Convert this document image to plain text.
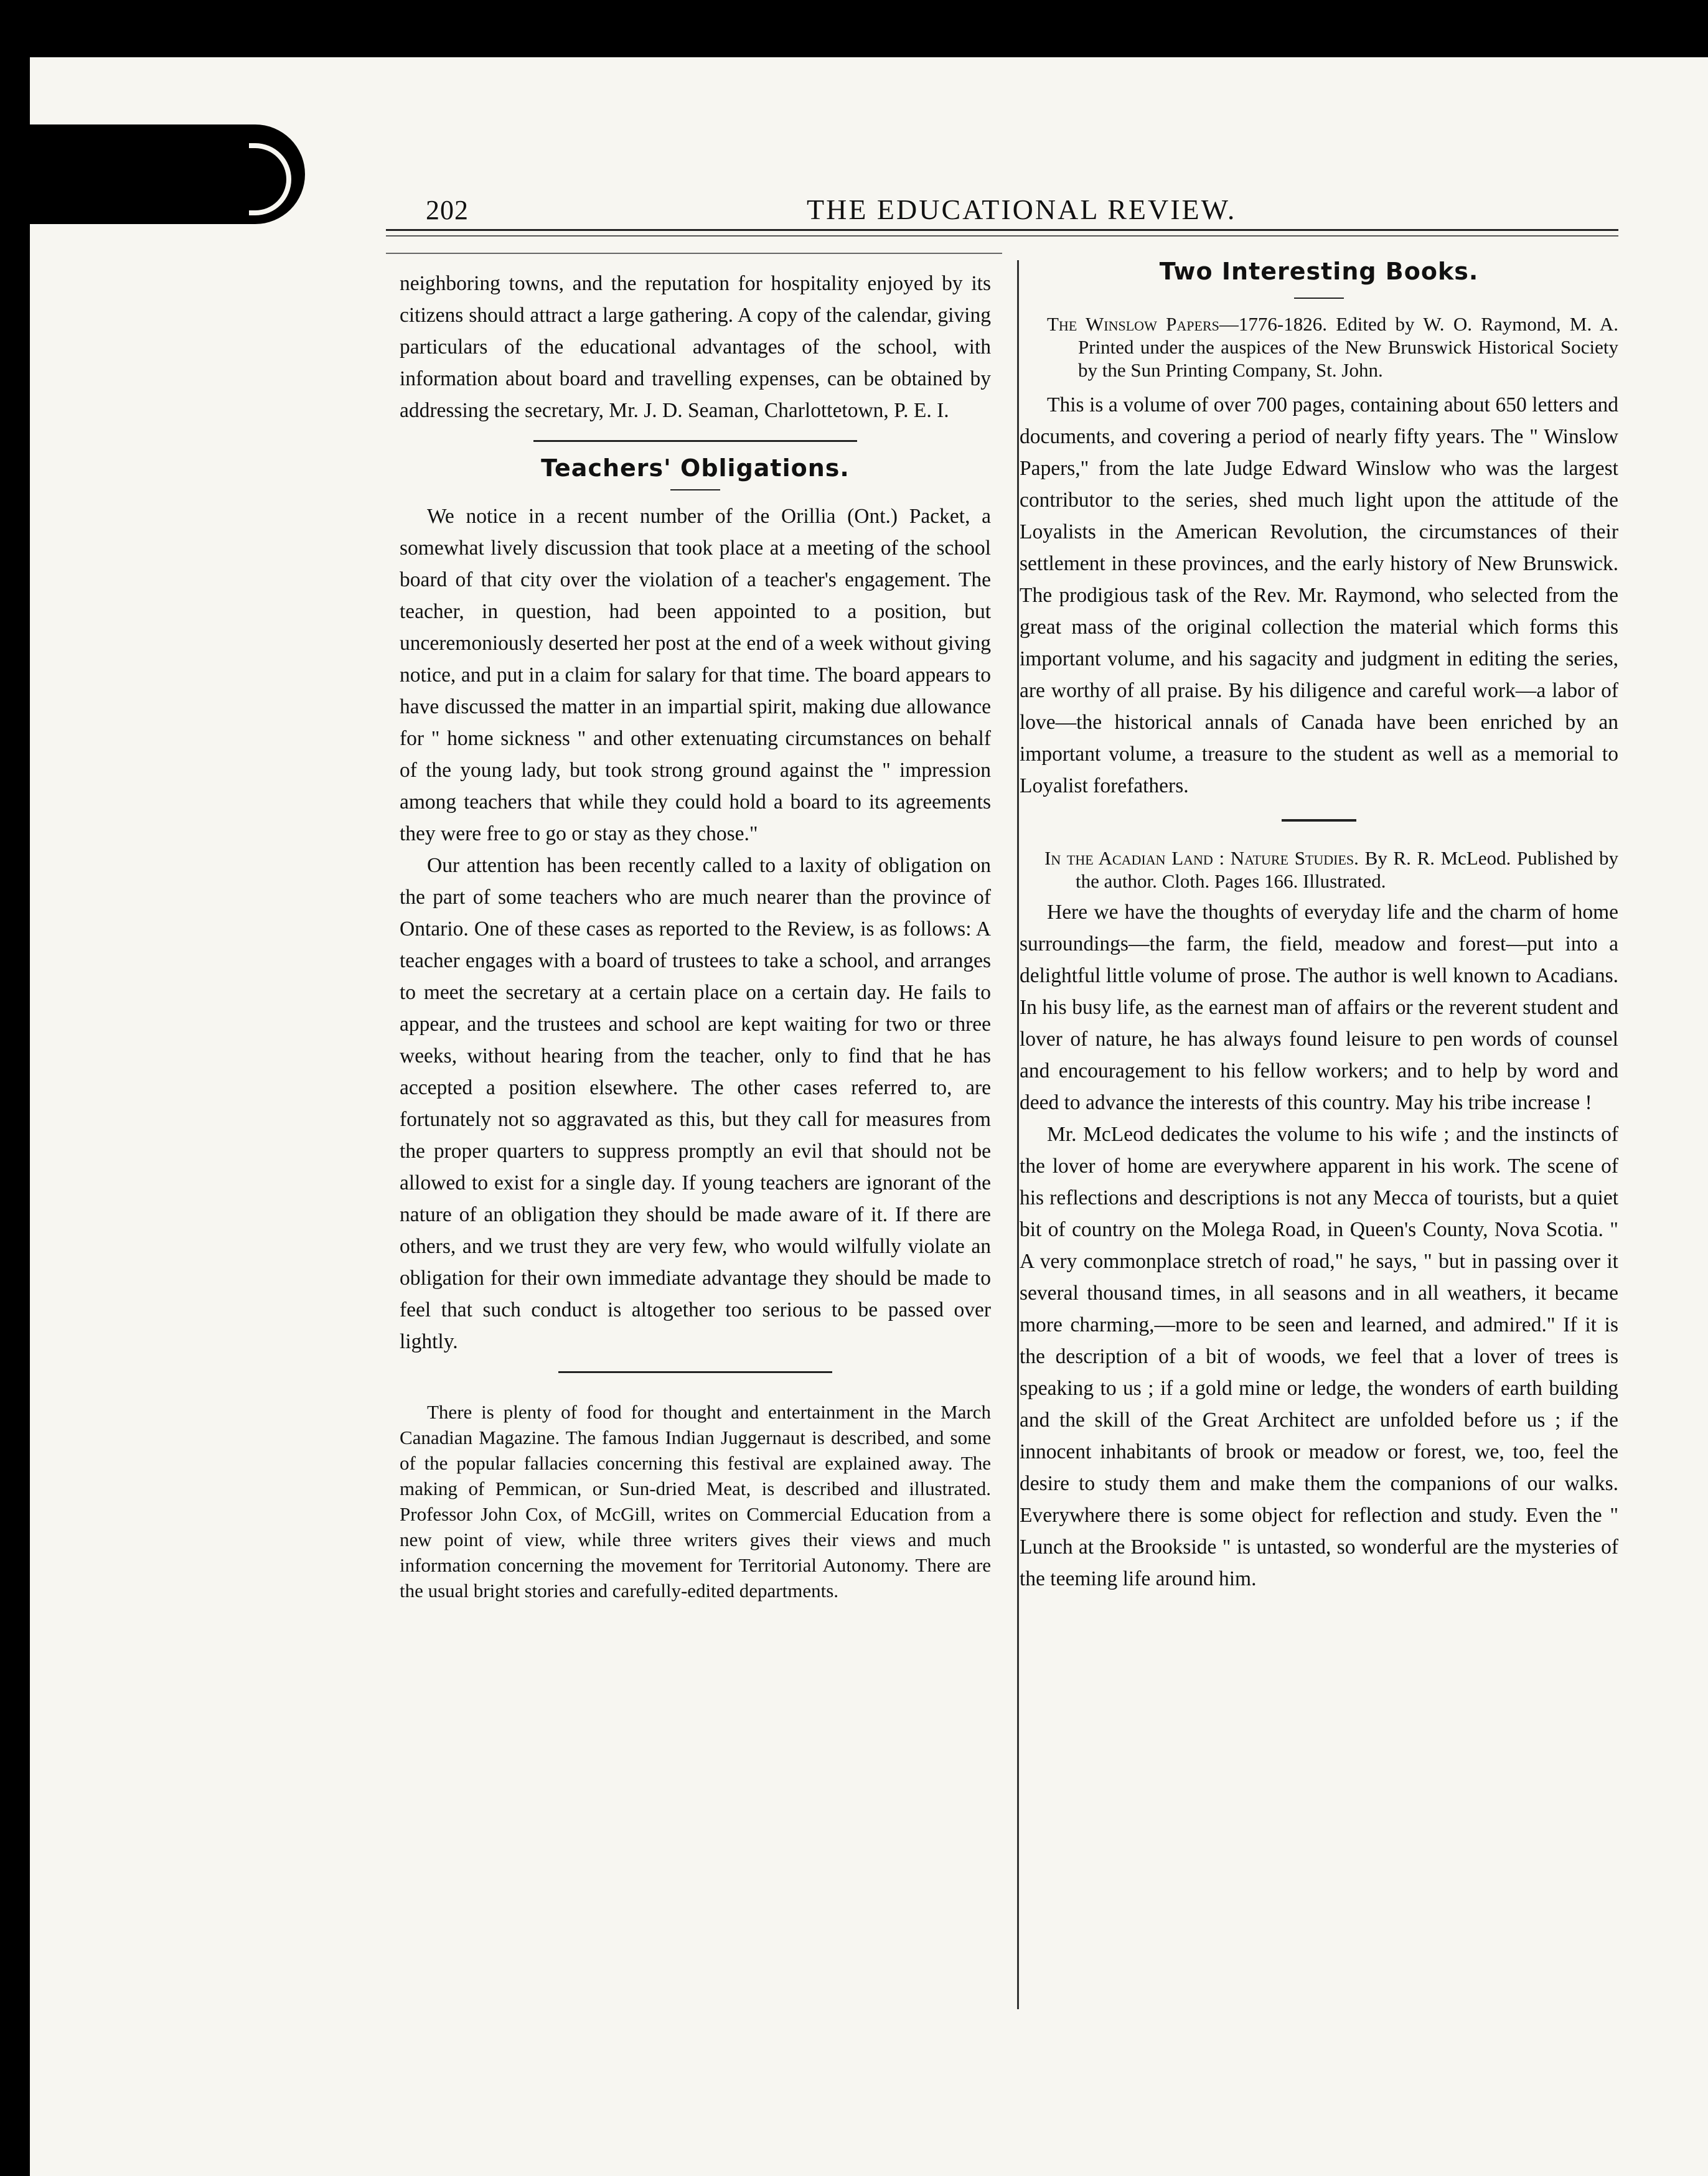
202	THE EDUCATIONAL REVIEW.

neighboring towns, and the reputation for hospitality enjoyed by its citizens should attract a large gathering. A copy of the calendar, giving particulars of the educational advantages of the school, with information about board and travelling expenses, can be obtained by addressing the secretary, Mr. J. D. Seaman, Charlottetown, P. E. I.

Teachers' Obligations.

We notice in a recent number of the Orillia (Ont.) Packet, a somewhat lively discussion that took place at a meeting of the school board of that city over the violation of a teacher's engagement. The teacher, in question, had been appointed to a position, but unceremoniously deserted her post at the end of a week without giving notice, and put in a claim for salary for that time. The board appears to have discussed the matter in an impartial spirit, making due allowance for " home sickness " and other extenuating circumstances on behalf of the young lady, but took strong ground against the " impression among teachers that while they could hold a board to its agreements they were free to go or stay as they chose."

Our attention has been recently called to a laxity of obligation on the part of some teachers who are much nearer than the province of Ontario. One of these cases as reported to the Review, is as follows: A teacher engages with a board of trustees to take a school, and arranges to meet the secretary at a certain place on a certain day. He fails to appear, and the trustees and school are kept waiting for two or three weeks, without hearing from the teacher, only to find that he has accepted a position elsewhere. The other cases referred to, are fortunately not so aggravated as this, but they call for measures from the proper quarters to suppress promptly an evil that should not be allowed to exist for a single day. If young teachers are ignorant of the nature of an obligation they should be made aware of it. If there are others, and we trust they are very few, who would wilfully violate an obligation for their own immediate advantage they should be made to feel that such conduct is altogether too serious to be passed over lightly.

There is plenty of food for thought and entertainment in the March Canadian Magazine. The famous Indian Juggernaut is described, and some of the popular fallacies concerning this festival are explained away. The making of Pemmican, or Sun-dried Meat, is described and illustrated. Professor John Cox, of McGill, writes on Commercial Education from a new point of view, while three writers gives their views and much information concerning the movement for Territorial Autonomy. There are the usual bright stories and carefully-edited departments.

Two Interesting Books.

The Winslow Papers—1776-1826. Edited by W. O. Raymond, M. A. Printed under the auspices of the New Brunswick Historical Society by the Sun Printing Company, St. John.

This is a volume of over 700 pages, containing about 650 letters and documents, and covering a period of nearly fifty years. The " Winslow Papers," from the late Judge Edward Winslow who was the largest contributor to the series, shed much light upon the attitude of the Loyalists in the American Revolution, the circumstances of their settlement in these provinces, and the early history of New Brunswick. The prodigious task of the Rev. Mr. Raymond, who selected from the great mass of the original collection the material which forms this important volume, and his sagacity and judgment in editing the series, are worthy of all praise. By his diligence and careful work—a labor of love—the historical annals of Canada have been enriched by an important volume, a treasure to the student as well as a memorial to Loyalist forefathers.

In the Acadian Land : Nature Studies. By R. R. McLeod. Published by the author. Cloth. Pages 166. Illustrated.

Here we have the thoughts of everyday life and the charm of home surroundings—the farm, the field, meadow and forest—put into a delightful little volume of prose. The author is well known to Acadians. In his busy life, as the earnest man of affairs or the reverent student and lover of nature, he has always found leisure to pen words of counsel and encouragement to his fellow workers; and to help by word and deed to advance the interests of this country. May his tribe increase !

Mr. McLeod dedicates the volume to his wife ; and the instincts of the lover of home are everywhere apparent in his work. The scene of his reflections and descriptions is not any Mecca of tourists, but a quiet bit of country on the Molega Road, in Queen's County, Nova Scotia. " A very commonplace stretch of road," he says, " but in passing over it several thousand times, in all seasons and in all weathers, it became more charming,—more to be seen and learned, and admired." If it is the description of a bit of woods, we feel that a lover of trees is speaking to us ; if a gold mine or ledge, the wonders of earth building and the skill of the Great Architect are unfolded before us ; if the innocent inhabitants of brook or meadow or forest, we, too, feel the desire to study them and make them the companions of our walks. Everywhere there is some object for reflection and study. Even the " Lunch at the Brookside " is untasted, so wonderful are the mysteries of the teeming life around him.
